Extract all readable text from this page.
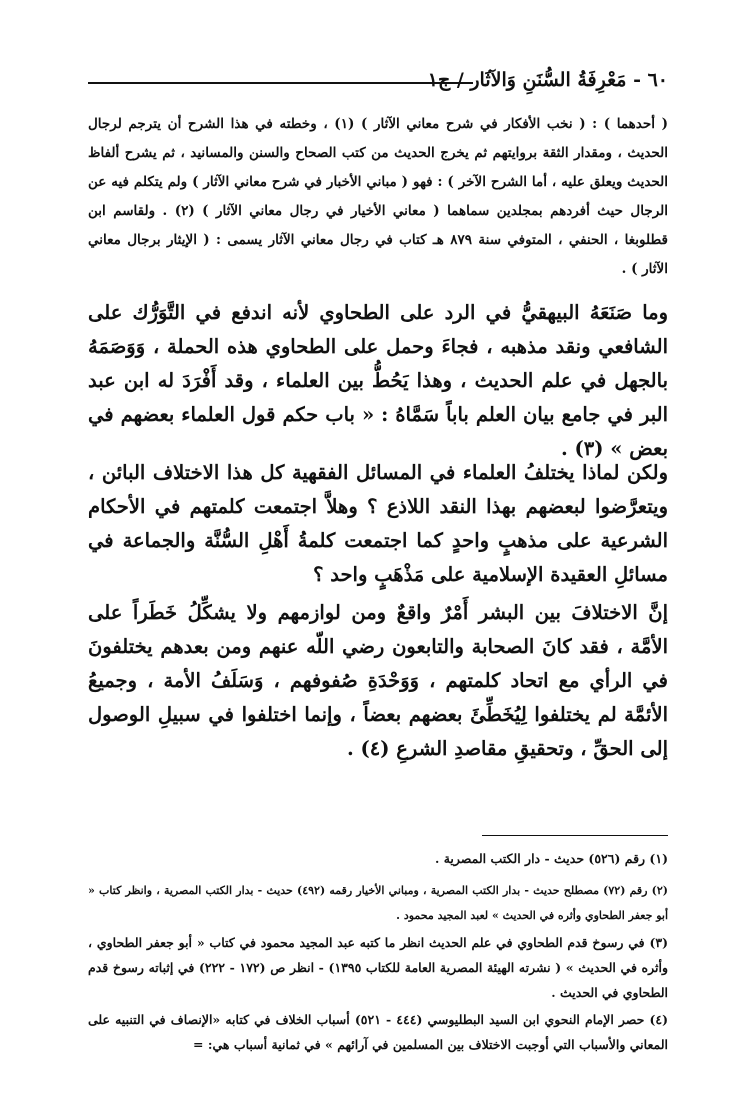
٦٠ - مَعْرِفَةُ السُّنَنِ وَالآثَار / ج١
( أحدهما ) : ( نخب الأفكار في شرح معاني الآثار ) (١) ، وخطته في هذا الشرح أن يترجم لرجال الحديث ، ومقدار الثقة بروايتهم ثم يخرج الحديث من كتب الصحاح والسنن والمسانيد ، ثم يشرح ألفاظ الحديث ويعلق عليه ، أما الشرح الآخر ) : فهو ( مباني الأخبار في شرح معاني الآثار ) ولم يتكلم فيه عن الرجال حيث أفردهم بمجلدين سماهما ( معاني الأخيار في رجال معاني الآثار ) (٢) . ولقاسم ابن قطلوبغا ، الحنفي ، المتوفي سنة ٨٧٩ هـ كتاب في رجال معاني الآثار يسمى : ( الإيثار برجال معاني الآثار ) .
وما صَنَعَهُ البيهقيُّ في الرد على الطحاوي لأنه اندفع في التَّوَرُّك على الشافعي ونقد مذهبه ، فجاءَ وحمل على الطحاوي هذه الحملة ، وَوَصَمَهُ بالجهل في علم الحديث ، وهذا يَحُطُّ بين العلماء ، وقد أَفْرَدَ له ابن عبد البر في جامع بيان العلم باباً سَمَّاهُ : « باب حكم قول العلماء بعضهم في بعض » (٣) .
ولكن لماذا يختلفُ العلماء في المسائل الفقهية كل هذا الاختلاف البائن ، ويتعرَّضوا لبعضهم بهذا النقد اللاذع ؟ وهلاَّ اجتمعت كلمتهم في الأحكام الشرعية على مذهبٍ واحدٍ كما اجتمعت كلمةُ أَهْلِ السُّنَّة والجماعة في مسائلِ العقيدة الإسلامية على مَذْهَبٍ واحد ؟
إنَّ الاختلافَ بين البشر أَمْرٌ واقعٌ ومن لوازمهم ولا يشكِّلُ خَطَراً على الأمَّة ، فقد كانَ الصحابة والتابعون رضي اللّه عنهم ومن بعدهم يختلفونَ في الرأي مع اتحاد كلمتهم ، وَوَحْدَةِ صُفوفهم ، وَسَلَفُ الأمة ، وجميعُ الأئمَّة لم يختلفوا لِيُخَطِّئَ بعضهم بعضاً ، وإنما اختلفوا في سبيلِ الوصول إلى الحقِّ ، وتحقيقِ مقاصدِ الشرعِ (٤) .
(١) رقم (٥٢٦) حديث - دار الكتب المصرية .
(٢) رقم (٧٢) مصطلح حديث - بدار الكتب المصرية ، ومباني الأخيار رقمه (٤٩٢) حديث - بدار الكتب المصرية ، وانظر كتاب « أبو جعفر الطحاوي وأثره في الحديث » لعبد المجيد محمود .
(٣) في رسوخ قدم الطحاوي في علم الحديث انظر ما كتبه عبد المجيد محمود في كتاب « أبو جعفر الطحاوي ، وأثره في الحديث » ( نشرته الهيئة المصرية العامة للكتاب ١٣٩٥) - انظر ص (١٧٢ - ٢٢٢) في إثباته رسوخ قدم الطحاوي في الحديث .
(٤) حصر الإمام النحوي ابن السيد البطليوسي (٤٤٤ - ٥٢١) أسباب الخلاف في كتابه «الإنصاف في التنبيه على المعاني والأسباب التي أوجبت الاختلاف بين المسلمين في آرائهم » في ثمانية أسباب هي: =
